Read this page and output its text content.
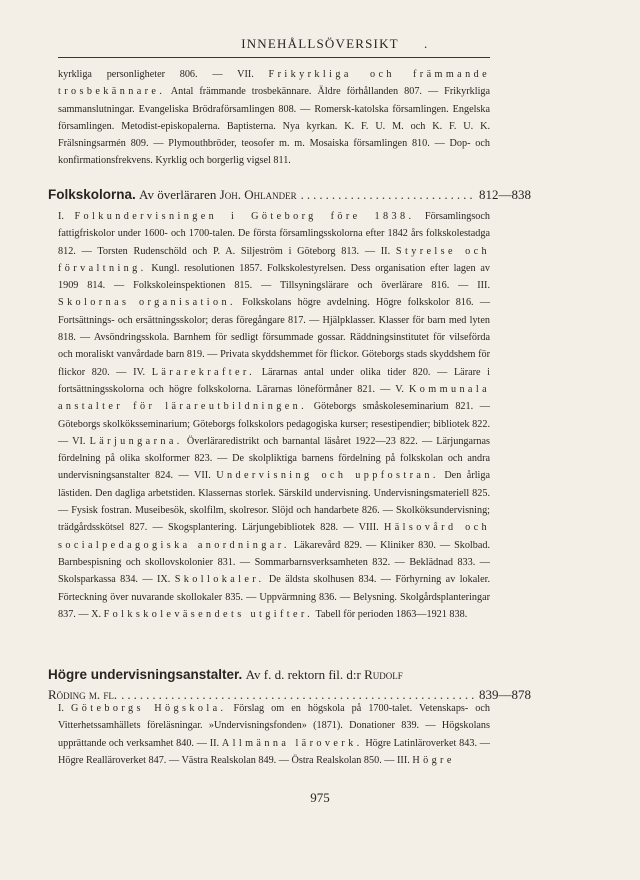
INNEHÅLLSÖVERSIKT .
kyrkliga personligheter 806. — VII. Frikyrkliga och främmande trosbekännare. Antal främmande trosbekännare. Äldre förhållanden 807. — Frikyrkliga sammanslutningar. Evangeliska Brödraförsamlingen 808. — Romersk-katolska församlingen. Engelska församlingen. Metodist-episkopalerna. Baptisterna. Nya kyrkan. K. F. U. M. och K. F. U. K. Frälsningsarmén 809. — Plymouthbröder, teosofer m. m. Mosaiska församlingen 810. — Dop- och konfirmationsfrekvens. Kyrklig och borgerlig vigsel 811.
Folkskolorna.
Av överläraren
Joh. Ohlander .....	812—838
I. Folkundervisningen i Göteborg före 1838. Församlingsoch fattigfriskolor under 1600- och 1700-talen. De första församlingsskolorna efter 1842 års folkskolestadga 812. — Torsten Rudenschöld och P. A. Siljeström i Göteborg 813. — II. Styrelse och förvaltning. Kungl. resolutionen 1857. Folkskolestyrelsen. Dess organisation efter lagen av 1909 814. — Folkskoleinspektionen 815. — Tillsyningslärare och överlärare 816. — III. Skolornas organisation. Folkskolans högre avdelning. Högre folkskolor 816. — Fortsättnings- och ersättningsskolor; deras föregångare 817. — Hjälpklasser. Klasser för barn med lyten 818. — Avsöndringsskola. Barnhem för sedligt försummade gossar. Räddningsinstitutet för vilseförda och moraliskt vanvårdade barn 819. — Privata skyddshemmet för flickor. Göteborgs stads skyddshem för flickor 820. — IV. Lärarekrafter. Lärarnas antal under olika tider 820. — Lärare i fortsättningsskolorna och högre folkskolorna. Lärarnas löneförmåner 821. — V. Kommunala anstalter för lärareutbildningen. Göteborgs småskoleseminarium 821. — Göteborgs skolköksseminarium; Göteborgs folkskolors pedagogiska kurser; resestipendier; bibliotek 822. — VI. Lärjungarna. Överläraredistrikt och barnantal läsåret 1922—23 822. — Lärjungarnas fördelning på olika skolformer 823. — De skolpliktiga barnens fördelning på folkskolan och andra undervisningsanstalter 824. — VII. Undervisning och uppfostran. Den årliga lästiden. Den dagliga arbetstiden. Klassernas storlek. Särskild undervisning. Undervisningsmateriell 825. — Fysisk fostran. Museibesök, skolfilm, skolresor. Slöjd och handarbete 826. — Skolköksundervisning; trädgårdsskötsel 827. — Skogsplantering. Lärjungebibliotek 828. — VIII. Hälsovård och socialpedagogiska anordningar. Läkarevård 829. — Kliniker 830. — Skolbad. Barnbespisning och skollovskolonier 831. — Sommarbarnsverksamheten 832. — Beklädnad 833. — Skolsparkassa 834. — IX. Skollokaler. De äldsta skolhusen 834. — Förhyrning av lokaler. Förteckning över nuvarande skollokaler 835. — Uppvärmning 836. — Belysning. Skolgårdsplanteringar 837. — X. Folkskoleväsendets utgifter. Tabell för perioden 1863—1921 838.
Högre undervisningsanstalter.
Av f. d. rektorn fil. d:r
Rudolf
Röding m. fl. .....	839—878
I. Göteborgs Högskola. Förslag om en högskola på 1700-talet. Vetenskaps- och Vitterhetssamhällets föreläsningar. »Undervisningsfonden» (1871). Donationer 839. — Högskolans upprättande och verksamhet 840. — II. Allmänna läroverk. Högre Latinläroverket 843. — Högre Realläroverket 847. — Västra Realskolan 849. — Östra Realskolan 850. — III. Högre
975
